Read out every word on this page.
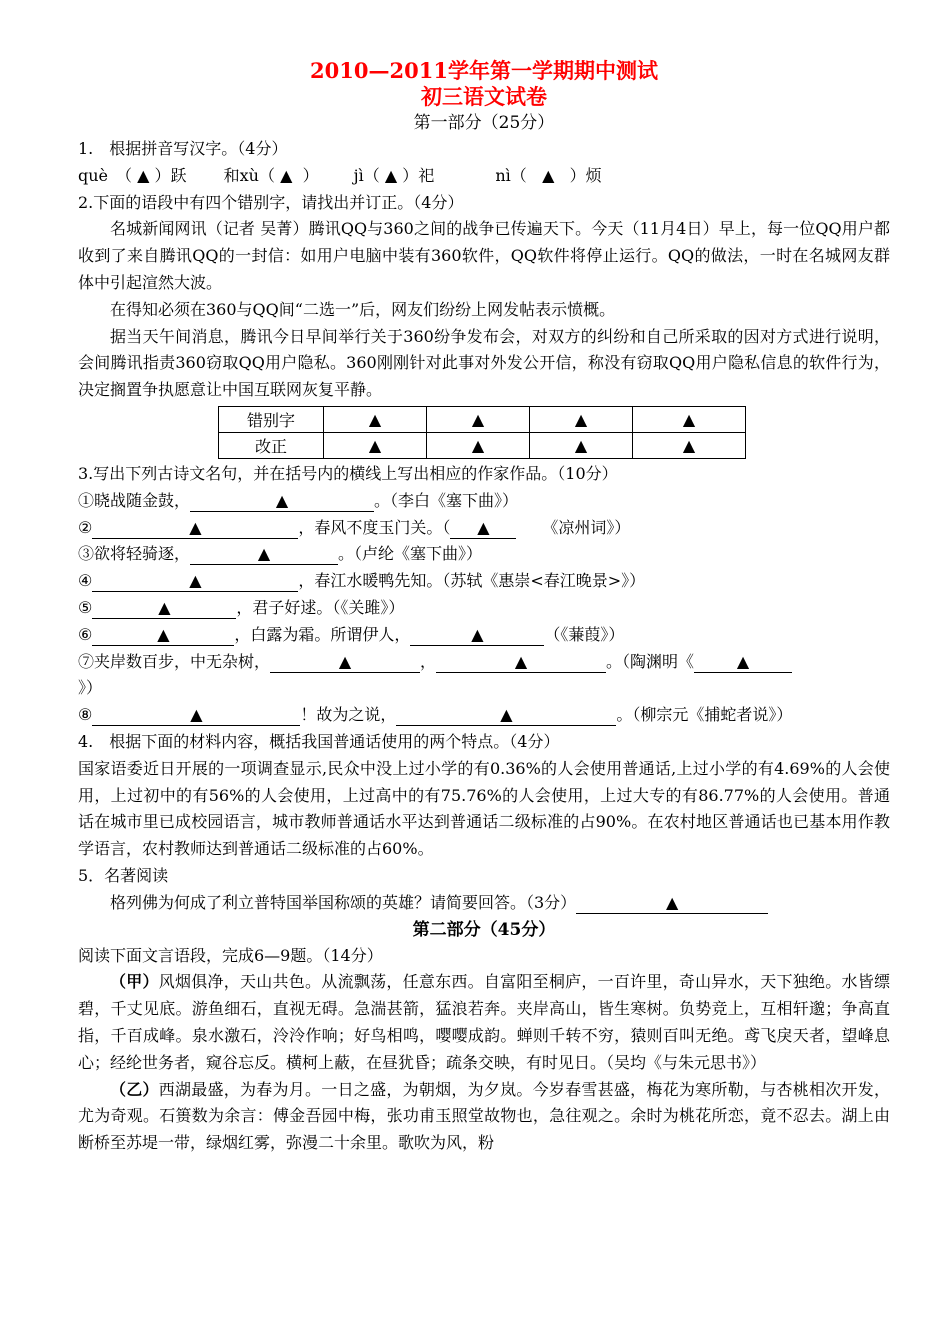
2010—2011学年第一学期期中测试
初三语文试卷
第一部分（25分）
1.　根据拼音写汉字。（4分）
què　（ ▲ ）跃 和xù（ ▲ ） jì（ ▲ ）祀	nì（ ▲ ）烦
2.下面的语段中有四个错别字，请找出并订正。（4分）
名城新闻网讯（记者 吴菁）腾讯QQ与360之间的战争已传遍天下。今天（11月4日）早上，每一位QQ用户都收到了来自腾讯QQ的一封信：如用户电脑中装有360软件，QQ软件将停止运行。QQ的做法，一时在名城网友群体中引起渲然大波。
在得知必须在360与QQ间“二选一”后，网友们纷纷上网发帖表示愤概。
据当天午间消息，腾讯今日早间举行关于360纷争发布会，对双方的纠纷和自己所采取的因对方式进行说明，会间腾讯指责360窃取QQ用户隐私。360刚刚针对此事对外发公开信，称没有窃取QQ用户隐私信息的软件行为，决定搁置争执愿意让中国互联网灰复平静。
错别字	▲	▲	▲	▲
改正	▲	▲	▲	▲
3.写出下列古诗文名句，并在括号内的横线上写出相应的作家作品。（10分）
①晓战随金鼓，	▲	。（李白《塞下曲》）
②	▲	，春风不度玉门关。（ ▲	《凉州词》）
③欲将轻骑逐，	▲	。（卢纶《塞下曲》）
④	▲	，春江水暖鸭先知。（苏轼《惠崇<春江晚景>》）
⑤	▲	，君子好逑。（《关雎》）
⑥	▲	，白露为霜。所谓伊人，	▲	（《蒹葭》）
⑦夹岸数百步，中无杂树，	▲	，	▲	。（陶渊明《	▲
》）
⑧	▲	！故为之说，	▲	。（柳宗元《捕蛇者说》）
4.　根据下面的材料内容，概括我国普通话使用的两个特点。（4分）
国家语委近日开展的一项调查显示,民众中没上过小学的有0.36%的人会使用普通话,上过小学的有4.69%的人会使用，上过初中的有56%的人会使用，上过高中的有75.76%的人会使用，上过大专的有86.77%的人会使用。普通话在城市里已成校园语言，城市教师普通话水平达到普通话二级标准的占90%。在农村地区普通话也已基本用作教学语言，农村教师达到普通话二级标准的占60%。
5．名著阅读
格列佛为何成了利立普特国举国称颂的英雄？请简要回答。（3分）	▲
第二部分（45分）
阅读下面文言语段，完成6—9题。（14分）
（甲）风烟俱净，天山共色。从流飘荡，任意东西。自富阳至桐庐，一百许里，奇山异水，天下独绝。水皆缥碧，千丈见底。游鱼细石，直视无碍。急湍甚箭，猛浪若奔。夹岸高山，皆生寒树。负势竞上，互相轩邈；争高直指，千百成峰。泉水激石，泠泠作响；好鸟相鸣，嘤嘤成韵。蝉则千转不穷，猿则百叫无绝。鸢飞戾天者，望峰息心；经纶世务者，窥谷忘反。横柯上蔽，在昼犹昏；疏条交映，有时见日。（吴均《与朱元思书》）
（乙）西湖最盛，为春为月。一日之盛，为朝烟，为夕岚。今岁春雪甚盛，梅花为寒所勒，与杏桃相次开发，尤为奇观。石篑数为余言：傅金吾园中梅，张功甫玉照堂故物也，急往观之。余时为桃花所恋，竟不忍去。湖上由断桥至苏堤一带，绿烟红雾，弥漫二十余里。歌吹为风，粉
